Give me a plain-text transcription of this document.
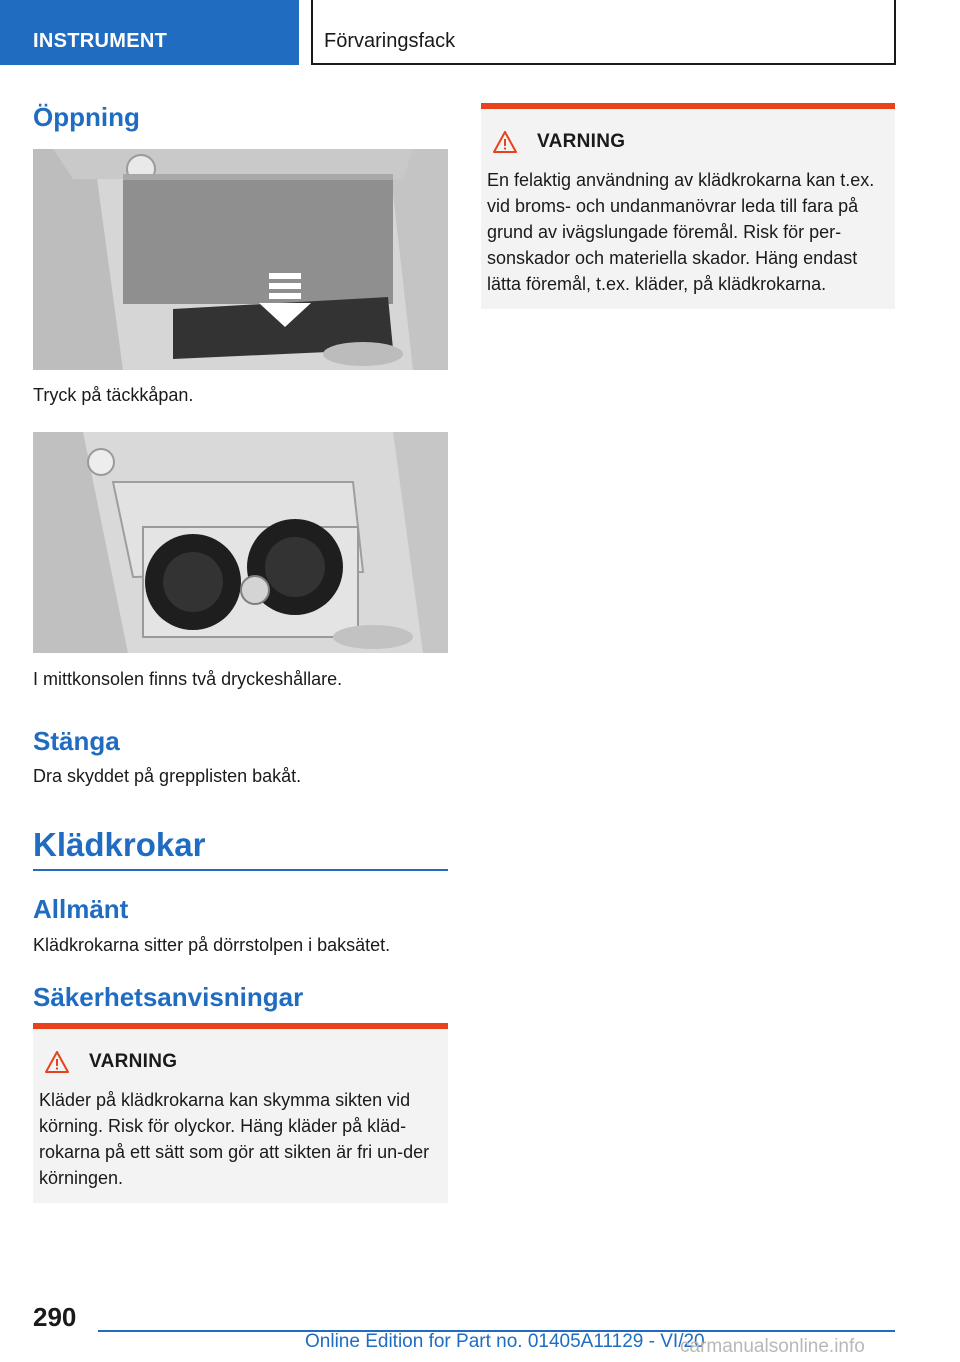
INSTRUMENT	Förvaringsfack
Öppning
Tryck på täckkåpan.
I mittkonsolen finns två dryckeshållare.
Stänga
Dra skyddet på grepplisten bakåt.
Klädkrokar
Allmänt
Klädkrokarna sitter på dörrstolpen i baksätet.
Säkerhetsanvisningar
VARNING
Kläder på klädkrokarna kan skymma sikten vid körning. Risk för olyckor. Häng kläder på kläd-rokarna på ett sätt som gör att sikten är fri un-der körningen.
VARNING
En felaktig användning av klädkrokarna kan t.ex. vid broms- och undanmanövrar leda till fara på grund av ivägslungade föremål. Risk för per-sonskador och materiella skador. Häng endast lätta föremål, t.ex. kläder, på klädkrokarna.
290
Online Edition for Part no. 01405A11129 - VI/20
carmanualsonline.info
